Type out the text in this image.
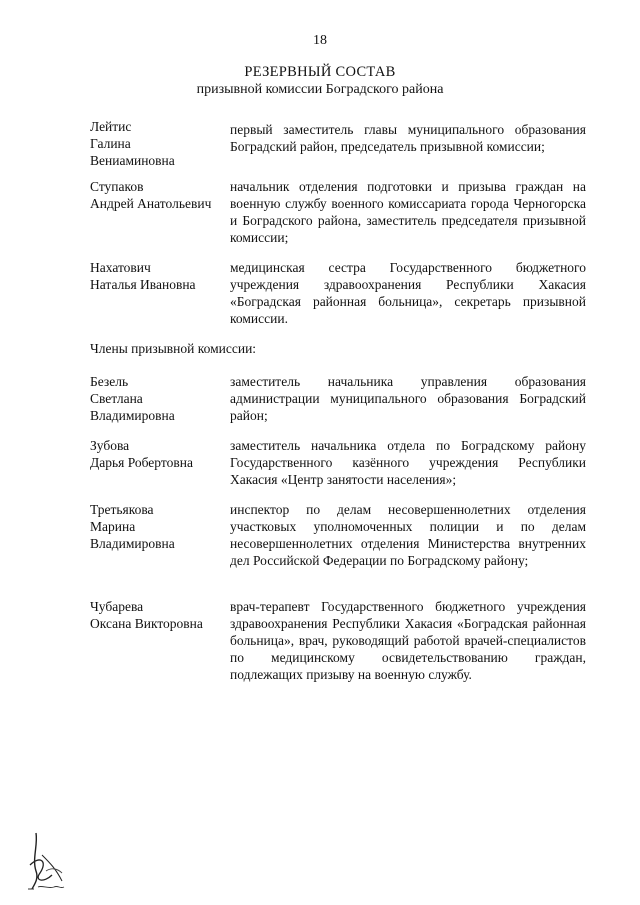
18
РЕЗЕРВНЫЙ СОСТАВ
призывной комиссии Боградского района
Лейтис
Галина
Вениаминовна
первый заместитель главы муниципального образования Боградский район, председатель призывной комиссии;
Ступаков
Андрей Анатольевич
начальник отделения подготовки и призыва граждан на военную службу военного комиссариата города Черногорска и Боградского района, заместитель председателя призывной комиссии;
Нахатович
Наталья Ивановна
медицинская сестра Государственного бюджетного учреждения здравоохранения Республики Хакасия «Боградская районная больница», секретарь призывной комиссии.
Члены призывной комиссии:
Безель
Светлана
Владимировна
заместитель начальника управления образования администрации муниципального образования Боградский район;
Зубова
Дарья Робертовна
заместитель начальника отдела по Боградскому району Государственного казённого учреждения Республики Хакасия «Центр занятости населения»;
Третьякова
Марина
Владимировна
инспектор по делам несовершеннолетних отделения участковых уполномоченных полиции и по делам несовершеннолетних отделения Министерства внутренних дел Российской Федерации по Боградскому району;
Чубарева
Оксана Викторовна
врач-терапевт Государственного бюджетного учреждения здравоохранения Республики Хакасия «Боградская районная больница», врач, руководящий работой врачей-специалистов по медицинскому освидетельствованию граждан, подлежащих призыву на военную службу.
